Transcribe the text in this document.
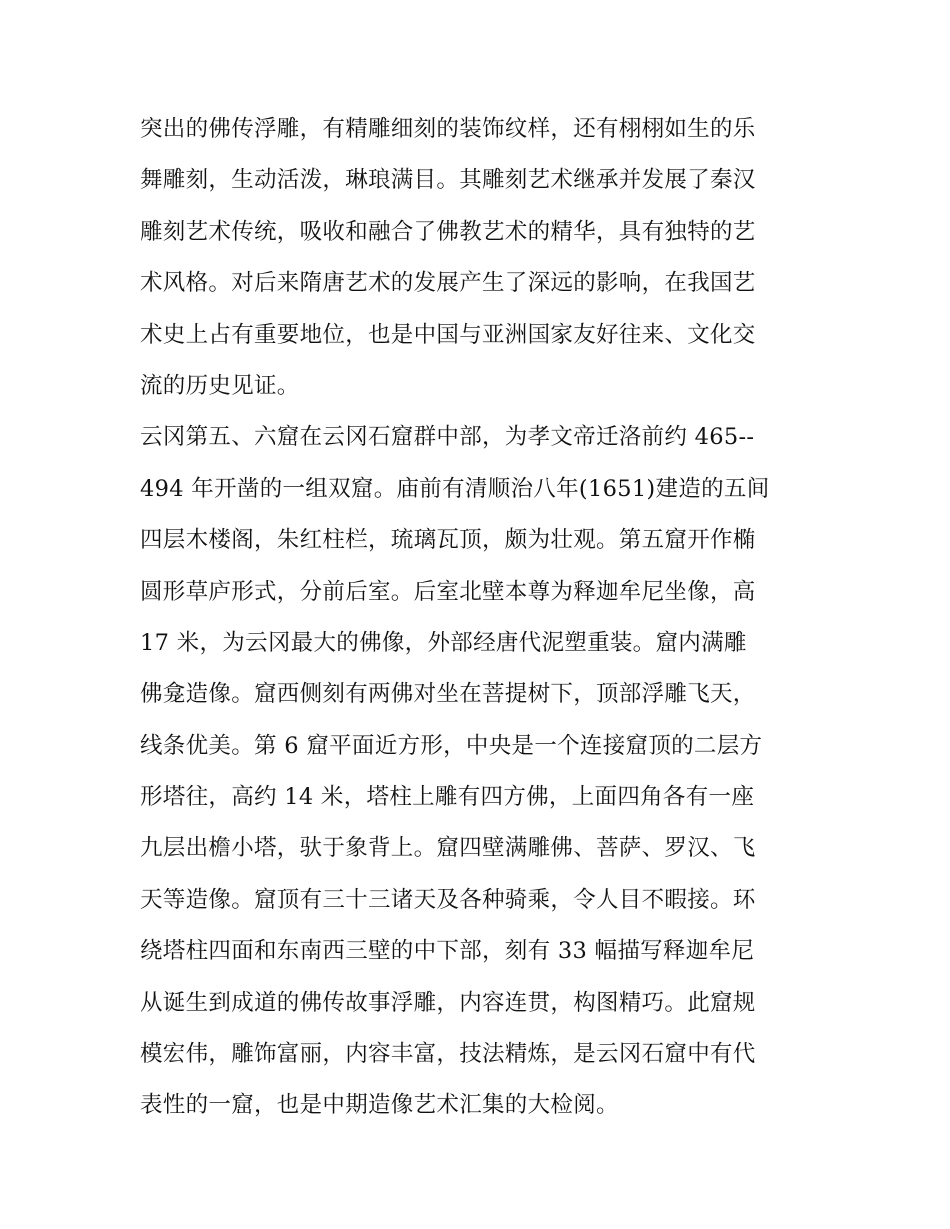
突出的佛传浮雕，有精雕细刻的装饰纹样，还有栩栩如生的乐
舞雕刻，生动活泼，琳琅满目。其雕刻艺术继承并发展了秦汉
雕刻艺术传统，吸收和融合了佛教艺术的精华，具有独特的艺
术风格。对后来隋唐艺术的发展产生了深远的影响，在我国艺
术史上占有重要地位，也是中国与亚洲国家友好往来、文化交
流的历史见证。
云冈第五、六窟在云冈石窟群中部，为孝文帝迁洛前约 465--
494 年开凿的一组双窟。庙前有清顺治八年(1651)建造的五间
四层木楼阁，朱红柱栏，琉璃瓦顶，颇为壮观。第五窟开作椭
圆形草庐形式，分前后室。后室北壁本尊为释迦牟尼坐像，高
17 米，为云冈最大的佛像，外部经唐代泥塑重装。窟内满雕
佛龛造像。窟西侧刻有两佛对坐在菩提树下，顶部浮雕飞天，
线条优美。第 6 窟平面近方形，中央是一个连接窟顶的二层方
形塔往，高约 14 米，塔柱上雕有四方佛，上面四角各有一座
九层出檐小塔，驮于象背上。窟四壁满雕佛、菩萨、罗汉、飞
天等造像。窟顶有三十三诸天及各种骑乘，令人目不暇接。环
绕塔柱四面和东南西三壁的中下部，刻有 33 幅描写释迦牟尼
从诞生到成道的佛传故事浮雕，内容连贯，构图精巧。此窟规
模宏伟，雕饰富丽，内容丰富，技法精炼，是云冈石窟中有代
表性的一窟，也是中期造像艺术汇集的大检阅。
